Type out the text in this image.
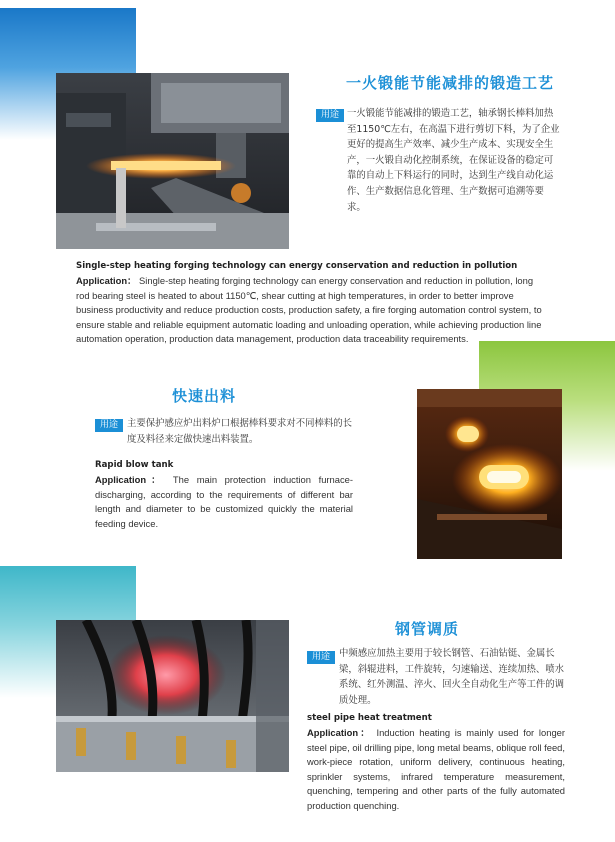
一火锻能节能减排的锻造工艺
用途 一火锻能节能减排的锻造工艺，轴承钢长棒料加热至1150℃左右，在高温下进行剪切下料，为了企业更好的提高生产效率、减少生产成本、实现安全生产，一火锻自动化控制系统，在保证设备的稳定可靠的自动上下料运行的同时，达到生产线自动化运作、生产数据信息化管理、生产数据可追溯等要求。
Single-step heating forging technology can energy conservation and reduction in pollution
Application： Single-step heating forging technology can energy conservation and reduction in pollution, long rod bearing steel is heated to about 1150℃, shear cutting at high temperatures, in order to better improve business productivity and reduce production costs, production safety, a fire forging automation control system, to ensure stable and reliable equipment automatic loading and unloading operation, while achieving production line automation operation, production data management, production data traceability requirements.
快速出料
用途 主要保护感应炉出料炉口根据棒料要求对不同棒料的长度及料径来定做快速出料装置。
Rapid blow tank
Application： The main protection induction furnace-discharging, according to the requirements of different bar length and diameter to be customized quickly the material feeding device.
钢管调质
用途 中频感应加热主要用于较长钢管、石油钻铤、金属长梁，斜辊进料，工件旋转，匀速输送、连续加热、喷水系统、红外测温、淬火、回火全自动化生产等工件的调质处理。
steel pipe heat treatment
Application： Induction heating is mainly used for longer steel pipe, oil drilling pipe, long metal beams, oblique roll feed, work-piece rotation, uniform delivery, continuous heating, sprinkler systems, infrared temperature measurement, quenching, tempering and other parts of the fully automated production quenching.
